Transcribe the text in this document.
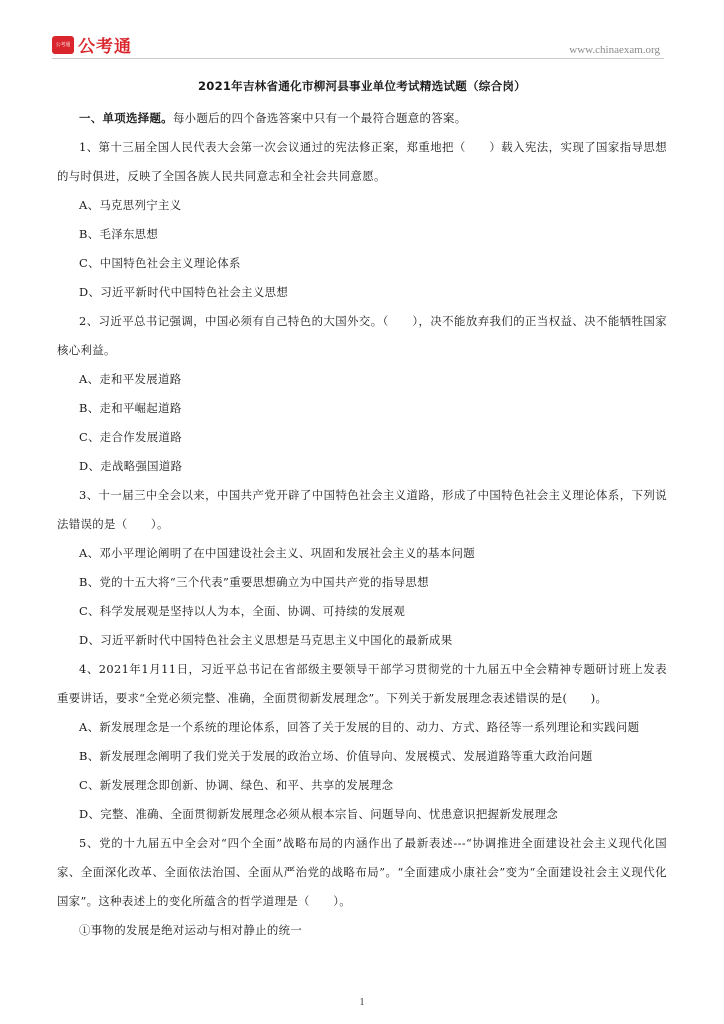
公考通 公考通	www.chinaexam.org

2021年吉林省通化市柳河县事业单位考试精选试题（综合岗）

一、单项选择题。每小题后的四个备选答案中只有一个最符合题意的答案。

1、第十三届全国人民代表大会第一次会议通过的宪法修正案，郑重地把（　　）载入宪法，实现了国家指导思想的与时俱进，反映了全国各族人民共同意志和全社会共同意愿。

A、马克思列宁主义

B、毛泽东思想

C、中国特色社会主义理论体系

D、习近平新时代中国特色社会主义思想

2、习近平总书记强调，中国必须有自己特色的大国外交。（　　），决不能放弃我们的正当权益、决不能牺牲国家核心利益。

A、走和平发展道路

B、走和平崛起道路

C、走合作发展道路

D、走战略强国道路

3、十一届三中全会以来，中国共产党开辟了中国特色社会主义道路，形成了中国特色社会主义理论体系，下列说法错误的是（　　）。

A、邓小平理论阐明了在中国建设社会主义、巩固和发展社会主义的基本问题

B、党的十五大将“三个代表”重要思想确立为中国共产党的指导思想

C、科学发展观是坚持以人为本，全面、协调、可持续的发展观

D、习近平新时代中国特色社会主义思想是马克思主义中国化的最新成果

4、2021年1月11日，习近平总书记在省部级主要领导干部学习贯彻党的十九届五中全会精神专题研讨班上发表重要讲话，要求“全党必须完整、准确，全面贯彻新发展理念”。下列关于新发展理念表述错误的是(　　)。

A、新发展理念是一个系统的理论体系，回答了关于发展的目的、动力、方式、路径等一系列理论和实践问题

B、新发展理念阐明了我们党关于发展的政治立场、价值导向、发展模式、发展道路等重大政治问题

C、新发展理念即创新、协调、绿色、和平、共享的发展理念

D、完整、准确、全面贯彻新发展理念必须从根本宗旨、问题导向、忧患意识把握新发展理念

5、党的十九届五中全会对“四个全面”战略布局的内涵作出了最新表述---“协调推进全面建设社会主义现代化国家、全面深化改革、全面依法治国、全面从严治党的战略布局”。“全面建成小康社会”变为“全面建设社会主义现代化国家”。这种表述上的变化所蕴含的哲学道理是（　　）。

①事物的发展是绝对运动与相对静止的统一

1
